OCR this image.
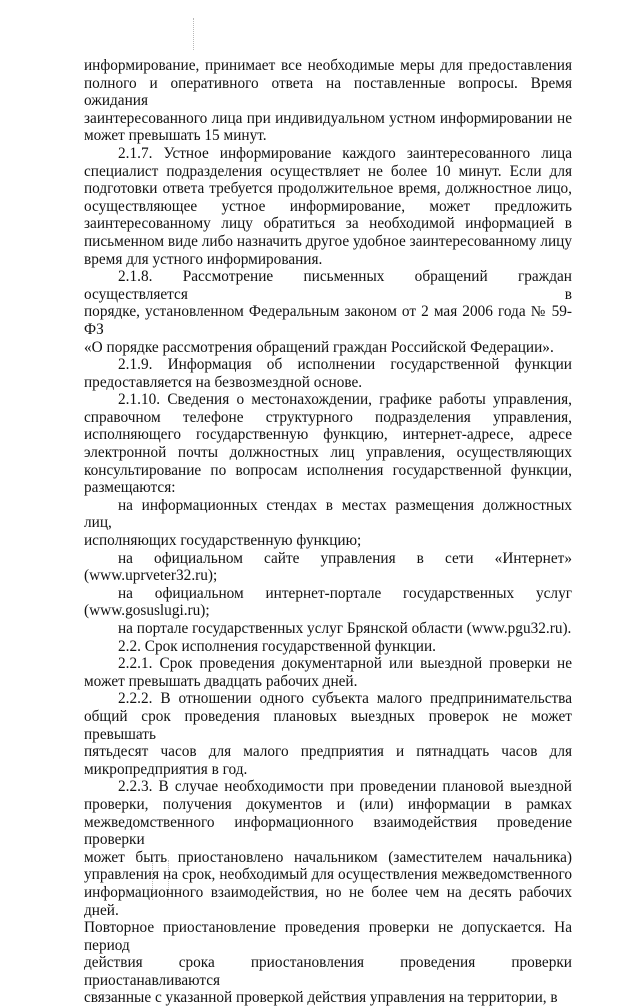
информирование, принимает все необходимые меры для предоставления
полного и оперативного ответа на поставленные вопросы. Время ожидания
заинтересованного лица при индивидуальном устном информировании не
может превышать 15 минут.
2.1.7. Устное информирование каждого заинтересованного лица
специалист подразделения осуществляет не более 10 минут. Если для
подготовки ответа требуется продолжительное время, должностное лицо,
осуществляющее устное информирование, может предложить
заинтересованному лицу обратиться за необходимой информацией в
письменном виде либо назначить другое удобное заинтересованному лицу
время для устного информирования.
2.1.8. Рассмотрение письменных обращений граждан осуществляется в
порядке, установленном Федеральным законом от 2 мая 2006 года № 59-ФЗ
«О порядке рассмотрения обращений граждан Российской Федерации».
2.1.9. Информация об исполнении государственной функции
предоставляется на безвозмездной основе.
2.1.10. Сведения о местонахождении, графике работы управления,
справочном телефоне структурного подразделения управления,
исполняющего государственную функцию, интернет-адресе, адресе
электронной почты должностных лиц управления, осуществляющих
консультирование по вопросам исполнения государственной функции,
размещаются:
на информационных стендах в местах размещения должностных лиц,
исполняющих государственную функцию;
на официальном сайте управления в сети «Интернет»
(www.uprveter32.ru);
на официальном интернет-портале государственных услуг
(www.gosuslugi.ru);
на портале государственных услуг Брянской области (www.pgu32.ru).
2.2. Срок исполнения государственной функции.
2.2.1. Срок проведения документарной или выездной проверки не
может превышать двадцать рабочих дней.
2.2.2. В отношении одного субъекта малого предпринимательства
общий срок проведения плановых выездных проверок не может превышать
пятьдесят часов для малого предприятия и пятнадцать часов для
микропредприятия в год.
2.2.3. В случае необходимости при проведении плановой выездной
проверки, получения документов и (или) информации в рамках
межведомственного информационного взаимодействия проведение проверки
может быть приостановлено начальником (заместителем начальника)
управления на срок, необходимый для осуществления межведомственного
информационного взаимодействия, но не более чем на десять рабочих дней.
Повторное приостановление проведения проверки не допускается. На период
действия срока приостановления проведения проверки приостанавливаются
связанные с указанной проверкой действия управления на территории, в
